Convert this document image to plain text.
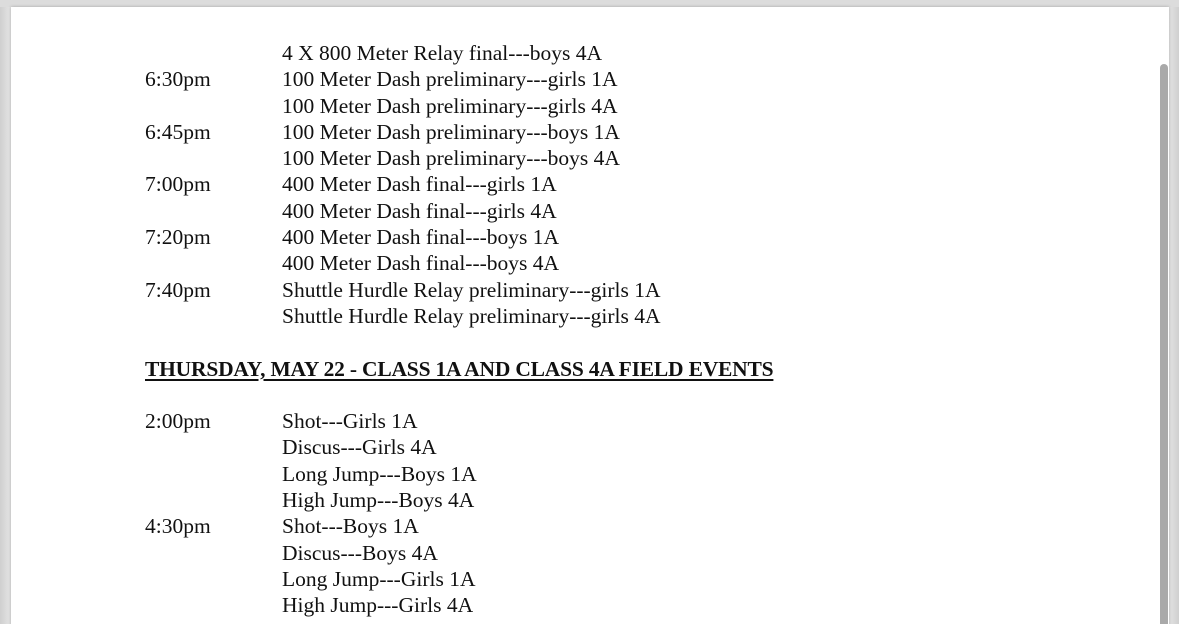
4 X 800 Meter Relay final---boys 4A
6:30pm	100 Meter Dash preliminary---girls 1A
100 Meter Dash preliminary---girls 4A
6:45pm	100 Meter Dash preliminary---boys 1A
100 Meter Dash preliminary---boys 4A
7:00pm	400 Meter Dash final---girls 1A
400 Meter Dash final---girls 4A
7:20pm	400 Meter Dash final---boys 1A
400 Meter Dash final---boys 4A
7:40pm	Shuttle Hurdle Relay preliminary---girls 1A
Shuttle Hurdle Relay preliminary---girls 4A
THURSDAY, MAY 22 - CLASS 1A AND CLASS 4A FIELD EVENTS
2:00pm	Shot---Girls 1A
Discus---Girls 4A
Long Jump---Boys 1A
High Jump---Boys 4A
4:30pm	Shot---Boys 1A
Discus---Boys 4A
Long Jump---Girls 1A
High Jump---Girls 4A
